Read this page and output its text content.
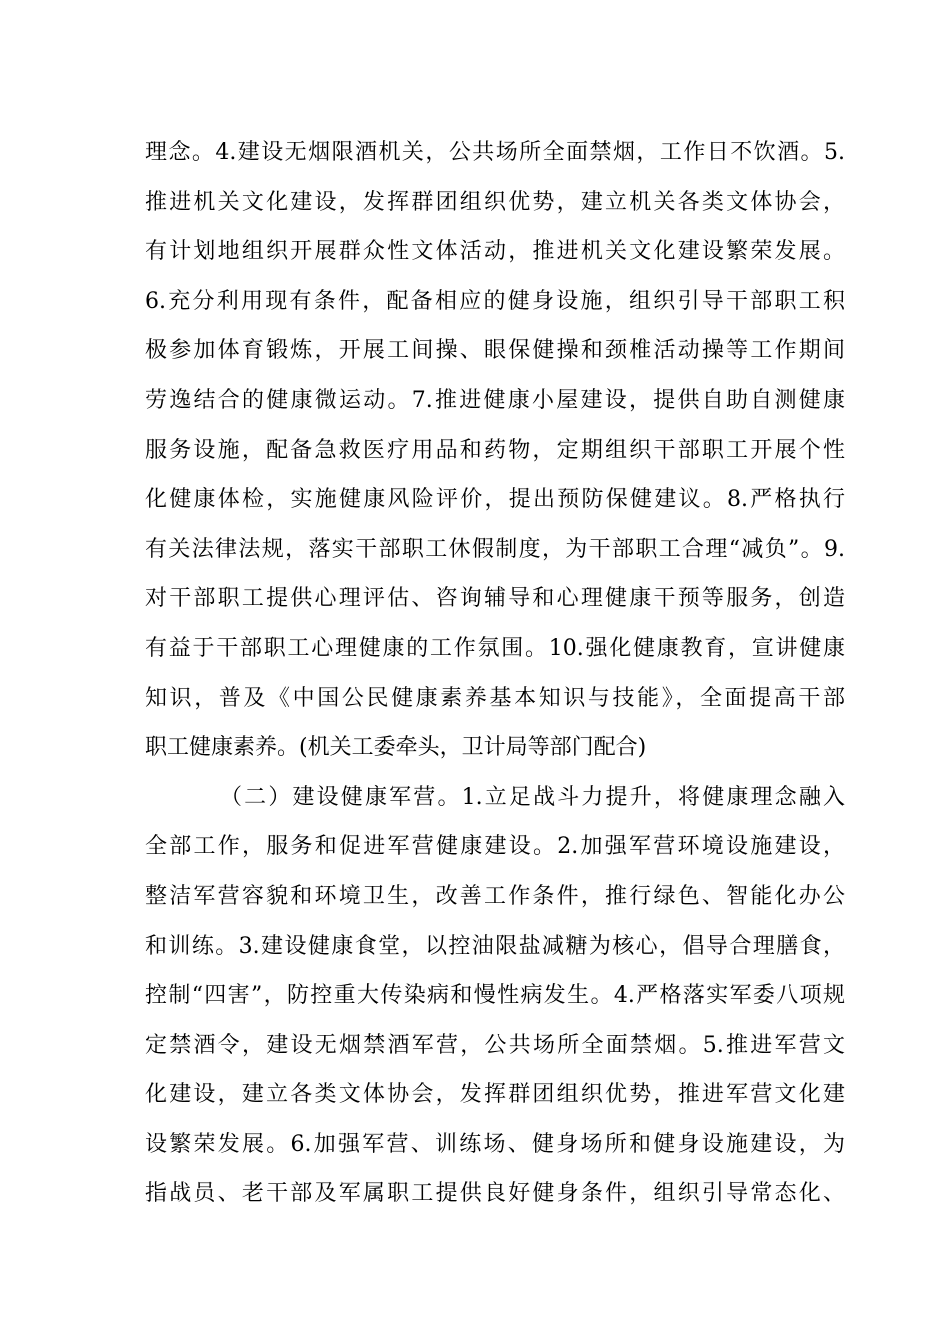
理念。4.建设无烟限酒机关，公共场所全面禁烟，工作日不饮酒。5.
推进机关文化建设，发挥群团组织优势，建立机关各类文体协会，
有计划地组织开展群众性文体活动，推进机关文化建设繁荣发展。
6.充分利用现有条件，配备相应的健身设施，组织引导干部职工积
极参加体育锻炼，开展工间操、眼保健操和颈椎活动操等工作期间
劳逸结合的健康微运动。7.推进健康小屋建设，提供自助自测健康
服务设施，配备急救医疗用品和药物，定期组织干部职工开展个性
化健康体检，实施健康风险评价，提出预防保健建议。8.严格执行
有关法律法规，落实干部职工休假制度，为干部职工合理“减负”。9.
对干部职工提供心理评估、咨询辅导和心理健康干预等服务，创造
有益于干部职工心理健康的工作氛围。10.强化健康教育，宣讲健康
知识，普及《中国公民健康素养基本知识与技能》，全面提高干部
职工健康素养。(机关工委牵头，卫计局等部门配合)
（二）建设健康军营。1.立足战斗力提升，将健康理念融入
全部工作，服务和促进军营健康建设。2.加强军营环境设施建设，
整洁军营容貌和环境卫生，改善工作条件，推行绿色、智能化办公
和训练。3.建设健康食堂，以控油限盐减糖为核心，倡导合理膳食，
控制“四害”，防控重大传染病和慢性病发生。4.严格落实军委八项规
定禁酒令，建设无烟禁酒军营，公共场所全面禁烟。5.推进军营文
化建设，建立各类文体协会，发挥群团组织优势，推进军营文化建
设繁荣发展。6.加强军营、训练场、健身场所和健身设施建设，为
指战员、老干部及军属职工提供良好健身条件，组织引导常态化、
